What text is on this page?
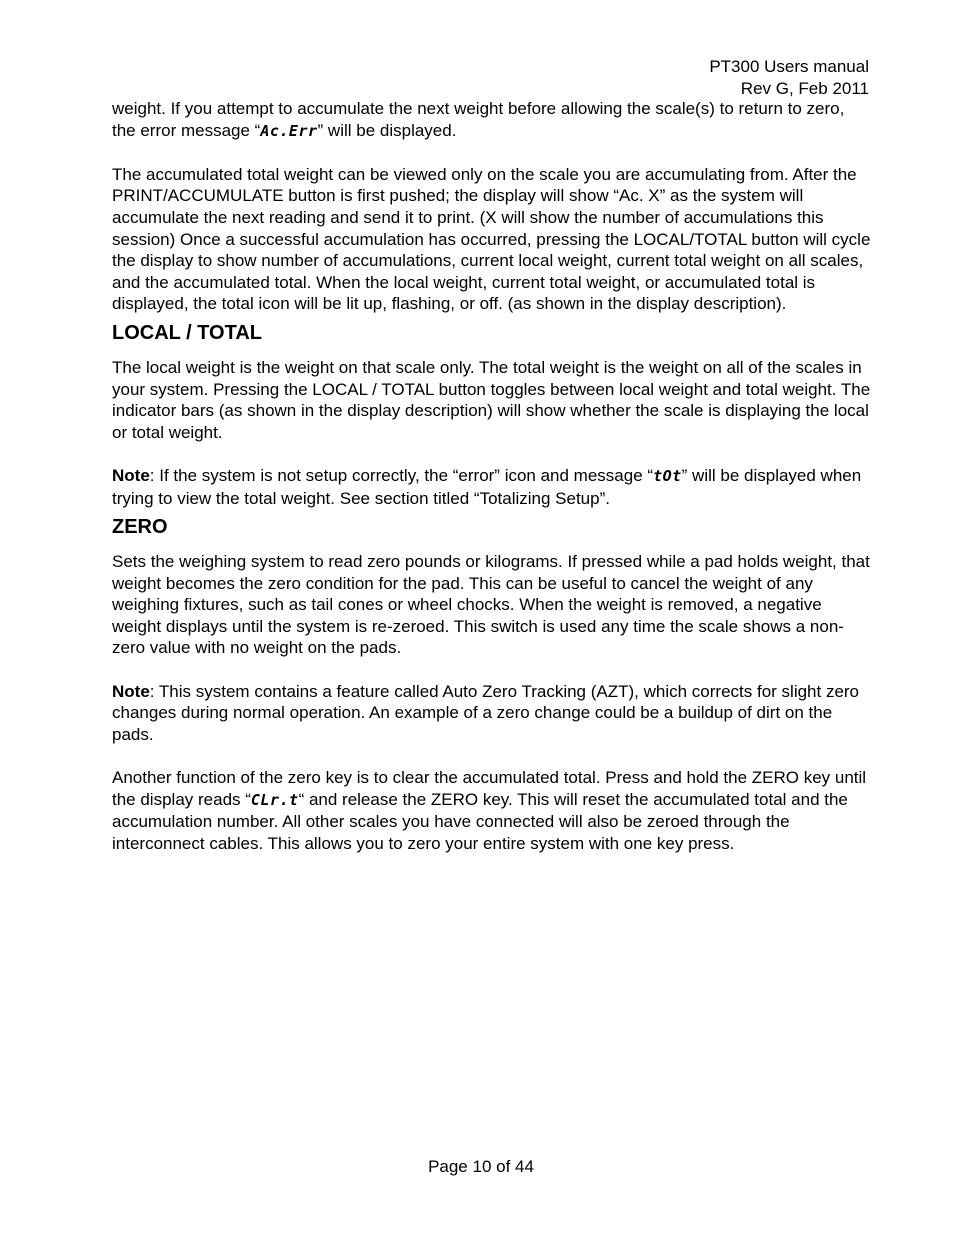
PT300 Users manual
Rev G, Feb 2011

weight. If you attempt to accumulate the next weight before allowing the scale(s) to return to zero, the error message “Ac.Err” will be displayed.

The accumulated total weight can be viewed only on the scale you are accumulating from. After the PRINT/ACCUMULATE button is first pushed; the display will show “Ac. X” as the system will accumulate the next reading and send it to print. (X will show the number of accumulations this session) Once a successful accumulation has occurred, pressing the LOCAL/TOTAL button will cycle the display to show number of accumulations, current local weight, current total weight on all scales, and the accumulated total. When the local weight, current total weight, or accumulated total is displayed, the total icon will be lit up, flashing, or off. (as shown in the display description).

LOCAL / TOTAL

The local weight is the weight on that scale only. The total weight is the weight on all of the scales in your system. Pressing the LOCAL / TOTAL button toggles between local weight and total weight. The indicator bars (as shown in the display description) will show whether the scale is displaying the local or total weight.

Note: If the system is not setup correctly, the “error” icon and message “tOt” will be displayed when trying to view the total weight. See section titled “Totalizing Setup”.

ZERO

Sets the weighing system to read zero pounds or kilograms. If pressed while a pad holds weight, that weight becomes the zero condition for the pad. This can be useful to cancel the weight of any weighing fixtures, such as tail cones or wheel chocks. When the weight is removed, a negative weight displays until the system is re-zeroed. This switch is used any time the scale shows a non-zero value with no weight on the pads.

Note: This system contains a feature called Auto Zero Tracking (AZT), which corrects for slight zero changes during normal operation. An example of a zero change could be a buildup of dirt on the pads.

Another function of the zero key is to clear the accumulated total. Press and hold the ZERO key until the display reads “CLr.t“ and release the ZERO key. This will reset the accumulated total and the accumulation number. All other scales you have connected will also be zeroed through the interconnect cables. This allows you to zero your entire system with one key press.

Page 10 of 44
